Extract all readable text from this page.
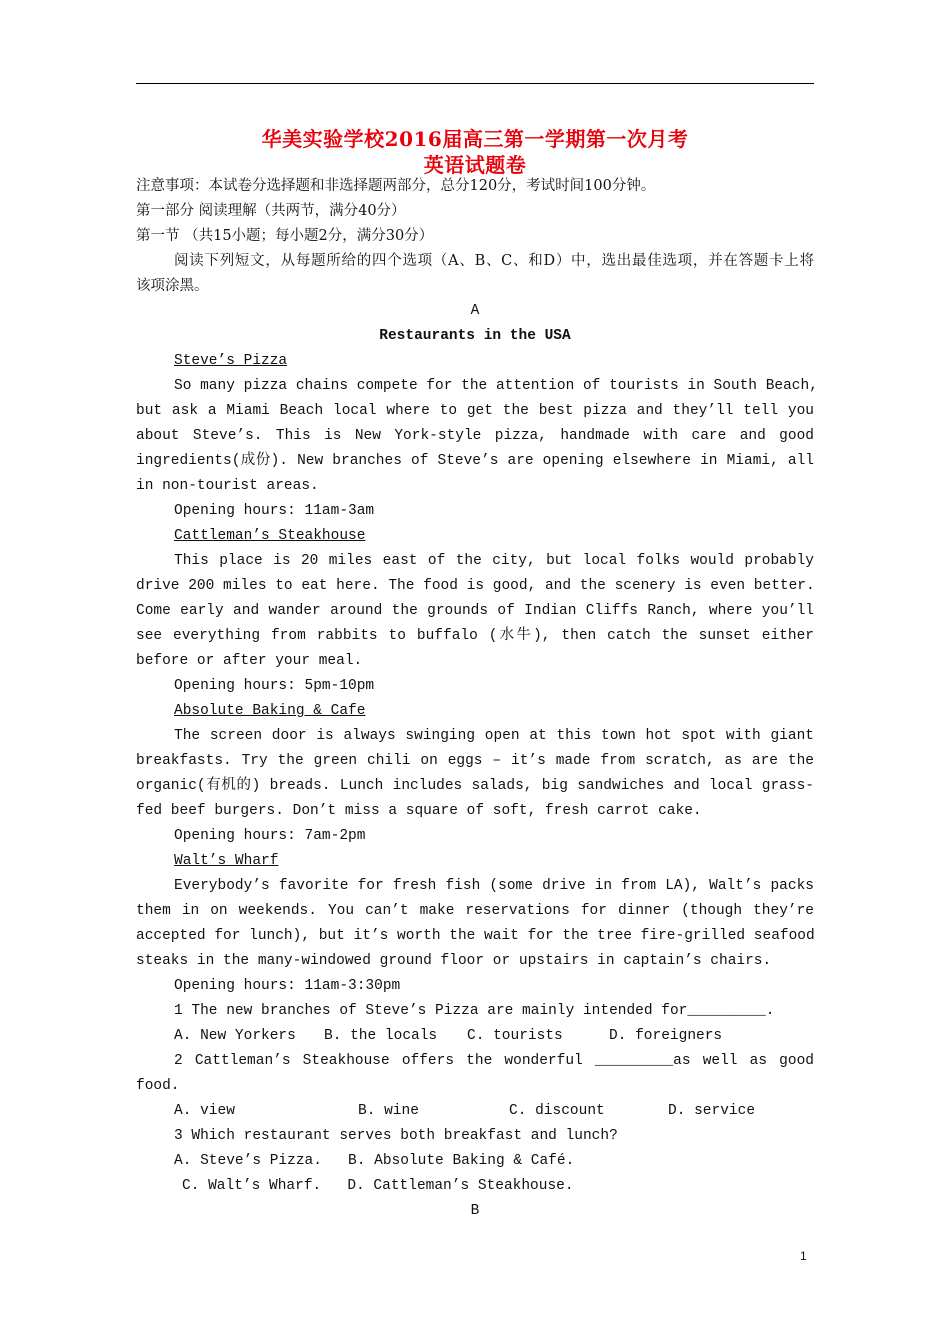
华美实验学校2016届高三第一学期第一次月考
英语试题卷
注意事项：本试卷分选择题和非选择题两部分，总分120分，考试时间100分钟。
第一部分 阅读理解（共两节，满分40分）
第一节 （共15小题；每小题2分，满分30分）
阅读下列短文，从每题所给的四个选项（A、B、C、和D）中，选出最佳选项，并在答题卡上将
该项涂黑。
A
Restaurants in the USA
Steve’s Pizza
So many pizza chains compete for the attention of tourists in South Beach,
but ask a Miami Beach local where to get the best pizza and they’ll tell you
about Steve’s. This is New York-style pizza, handmade with care and good
ingredients(成份). New branches of Steve’s are opening elsewhere in Miami, all
in non-tourist areas.
Opening hours: 11am-3am
Cattleman’s Steakhouse
This place is 20 miles east of the city, but local folks would probably
drive 200 miles to eat here. The food is good, and the scenery is even better.
Come early and wander around the grounds of Indian Cliffs Ranch, where you’ll
see everything from rabbits to buffalo (水牛), then catch the sunset either
before or after your meal.
Opening hours: 5pm-10pm
Absolute Baking & Cafe
The screen door is always swinging open at this town hot spot with giant
breakfasts. Try the green chili on eggs – it’s made from scratch, as are the
organic(有机的) breads. Lunch includes salads, big sandwiches and local grass-
fed beef burgers. Don’t miss a square of soft, fresh carrot cake.
Opening hours: 7am-2pm
Walt’s Wharf
Everybody’s favorite for fresh fish (some drive in from LA), Walt’s packs
them in on weekends. You can’t make reservations for dinner (though they’re
accepted for lunch), but it’s worth the wait for the tree fire-grilled seafood
steaks in the many-windowed ground floor or upstairs in captain’s chairs.
Opening hours: 11am-3:30pm
1 The new branches of Steve’s Pizza are mainly intended for_________.
A. New Yorkers B. the locals C. tourists	D. foreigners
2 Cattleman’s Steakhouse offers the wonderful _________as well as good
food.
A. view	B. wine	C. discount	D. service
3 Which restaurant serves both breakfast and lunch?
A. Steve’s Pizza.   B. Absolute Baking & Café.
C. Walt’s Wharf.   D. Cattleman’s Steakhouse.
B
1
